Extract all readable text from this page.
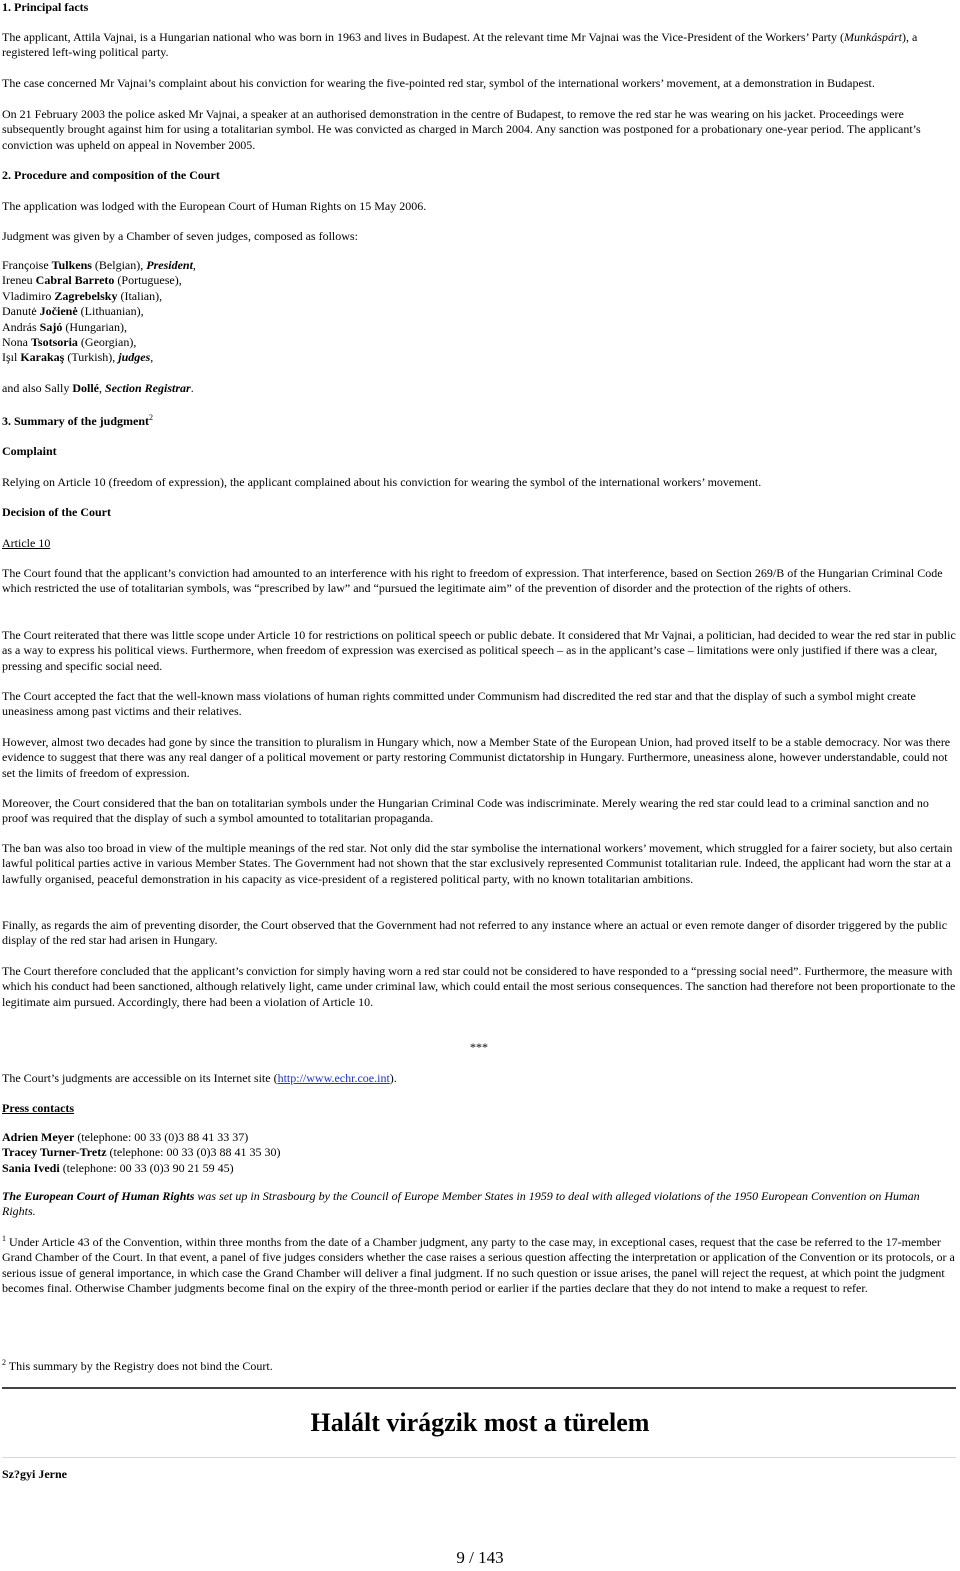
1. Principal facts

The applicant, Attila Vajnai, is a Hungarian national who was born in 1963 and lives in Budapest. At the relevant time Mr Vajnai was the Vice-President of the Workers’ Party (Munkáspárt), a registered left-wing political party.

The case concerned Mr Vajnai’s complaint about his conviction for wearing the five-pointed red star, symbol of the international workers’ movement, at a demonstration in Budapest.

On 21 February 2003 the police asked Mr Vajnai, a speaker at an authorised demonstration in the centre of Budapest, to remove the red star he was wearing on his jacket. Proceedings were subsequently brought against him for using a totalitarian symbol. He was convicted as charged in March 2004. Any sanction was postponed for a probationary one-year period. The applicant’s conviction was upheld on appeal in November 2005.

2. Procedure and composition of the Court

The application was lodged with the European Court of Human Rights on 15 May 2006.

Judgment was given by a Chamber of seven judges, composed as follows:

Françoise Tulkens (Belgian), President,

Ireneu Cabral Barreto (Portuguese),

Vladimiro Zagrebelsky (Italian),

Danutė Jočienė (Lithuanian),

András Sajó (Hungarian),

Nona Tsotsoria (Georgian),

Işıl Karakaş (Turkish), judges,

and also Sally Dollé, Section Registrar.

3. Summary of the judgment$^2$

Complaint

Relying on Article 10 (freedom of expression), the applicant complained about his conviction for wearing the symbol of the international workers’ movement.

Decision of the Court

Article 10

The Court found that the applicant’s conviction had amounted to an interference with his right to freedom of expression. That interference, based on Section 269/B of the Hungarian Criminal Code which restricted the use of totalitarian symbols, was “prescribed by law” and “pursued the legitimate aim” of the prevention of disorder and the protection of the rights of others.

The Court reiterated that there was little scope under Article 10 for restrictions on political speech or public debate. It considered that Mr Vajnai, a politician, had decided to wear the red star in public as a way to express his political views. Furthermore, when freedom of expression was exercised as political speech – as in the applicant’s case – limitations were only justified if there was a clear, pressing and specific social need.

The Court accepted the fact that the well-known mass violations of human rights committed under Communism had discredited the red star and that the display of such a symbol might create uneasiness among past victims and their relatives.

However, almost two decades had gone by since the transition to pluralism in Hungary which, now a Member State of the European Union, had proved itself to be a stable democracy. Nor was there evidence to suggest that there was any real danger of a political movement or party restoring Communist dictatorship in Hungary. Furthermore, uneasiness alone, however understandable, could not set the limits of freedom of expression.

Moreover, the Court considered that the ban on totalitarian symbols under the Hungarian Criminal Code was indiscriminate. Merely wearing the red star could lead to a criminal sanction and no proof was required that the display of such a symbol amounted to totalitarian propaganda.

The ban was also too broad in view of the multiple meanings of the red star. Not only did the star symbolise the international workers’ movement, which struggled for a fairer society, but also certain lawful political parties active in various Member States. The Government had not shown that the star exclusively represented Communist totalitarian rule. Indeed, the applicant had worn the star at a lawfully organised, peaceful demonstration in his capacity as vice-president of a registered political party, with no known totalitarian ambitions.

Finally, as regards the aim of preventing disorder, the Court observed that the Government had not referred to any instance where an actual or even remote danger of disorder triggered by the public display of the red star had arisen in Hungary.

The Court therefore concluded that the applicant’s conviction for simply having worn a red star could not be considered to have responded to a “pressing social need”. Furthermore, the measure with which his conduct had been sanctioned, although relatively light, came under criminal law, which could entail the most serious consequences. The sanction had therefore not been proportionate to the legitimate aim pursued. Accordingly, there had been a violation of Article 10.

***

The Court’s judgments are accessible on its Internet site (http://www.echr.coe.int).

Press contacts

Adrien Meyer (telephone: 00 33 (0)3 88 41 33 37)

Tracey Turner-Tretz (telephone: 00 33 (0)3 88 41 35 30)

Sania Ivedi (telephone: 00 33 (0)3 90 21 59 45)

The European Court of Human Rights was set up in Strasbourg by the Council of Europe Member States in 1959 to deal with alleged violations of the 1950 European Convention on Human Rights.

$^1$ Under Article 43 of the Convention, within three months from the date of a Chamber judgment, any party to the case may, in exceptional cases, request that the case be referred to the 17-member Grand Chamber of the Court. In that event, a panel of five judges considers whether the case raises a serious question affecting the interpretation or application of the Convention or its protocols, or a serious issue of general importance, in which case the Grand Chamber will deliver a final judgment. If no such question or issue arises, the panel will reject the request, at which point the judgment becomes final. Otherwise Chamber judgments become final on the expiry of the three-month period or earlier if the parties declare that they do not intend to make a request to refer.

$^2$ This summary by the Registry does not bind the Court.

Halált virágzik most a türelem

Sz?gyi Jerne

9 / 143
